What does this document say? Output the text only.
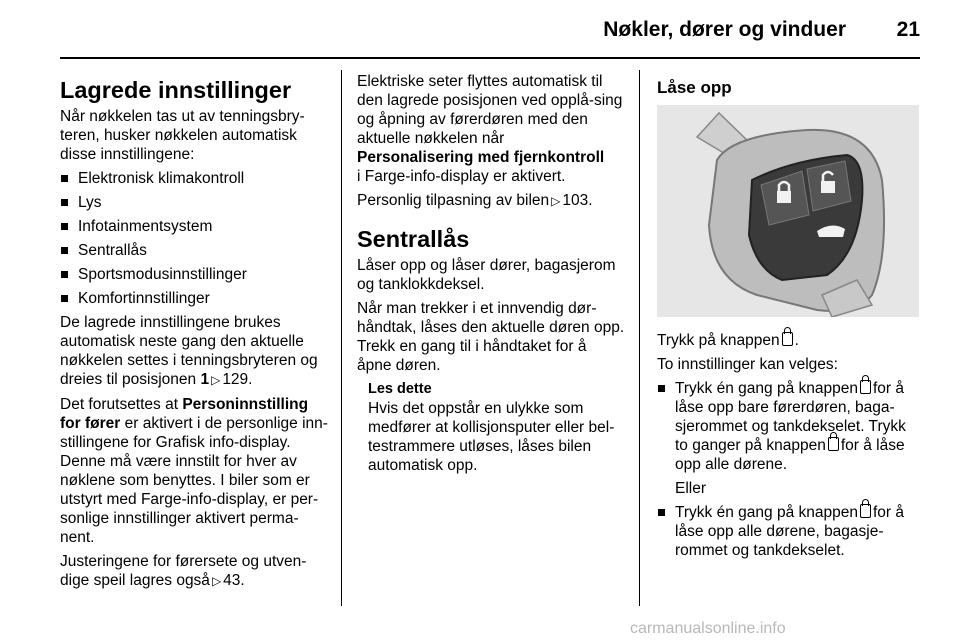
Nøkler, dører og vinduer 21
Lagrede innstillinger

Når nøkkelen tas ut av tenningsbry-teren, husker nøkkelen automatisk disse innstillingene:

Elektronisk klimakontroll
Lys
Infotainmentsystem
Sentrallås
Sportsmodusinnstillinger
Komfortinnstillinger

De lagrede innstillingene brukes automatisk neste gang den aktuelle nøkkelen settes i tenningsbryteren og dreies til posisjonen 1 ▷ 129.

Det forutsettes at Personinnstilling for fører er aktivert i de personlige inn-stillingene for Grafisk info-display. Denne må være innstilt for hver av nøklene som benyttes. I biler som er utstyrt med Farge-info-display, er per-sonlige innstillinger aktivert perma-nent.

Justeringene for førersete og utven-dige speil lagres også ▷ 43.

Elektriske seter flyttes automatisk til den lagrede posisjonen ved opplå-sing og åpning av førerdøren med den aktuelle nøkkelen når
Personalisering med fjernkontroll
i Farge-info-display er aktivert.

Personlig tilpasning av bilen ▷ 103.

Sentrallås

Låser opp og låser dører, bagasjerom og tanklokkdeksel.

Når man trekker i et innvendig dør-håndtak, låses den aktuelle døren opp. Trekk en gang til i håndtaket for å åpne døren.

Les dette
Hvis det oppstår en ulykke som medfører at kollisjonsputer eller bel-testrammere utløses, låses bilen automatisk opp.
Låse opp

Trykk på knappen .

To innstillinger kan velges:

Trykk én gang på knappen for å låse opp bare førerdøren, baga-sjerommet og tankdekselet. Trykk to ganger på knappen for å låse opp alle dørene.

Eller

Trykk én gang på knappen for å låse opp alle dørene, bagasje-rommet og tankdekselet.
carmanualsonline.info
